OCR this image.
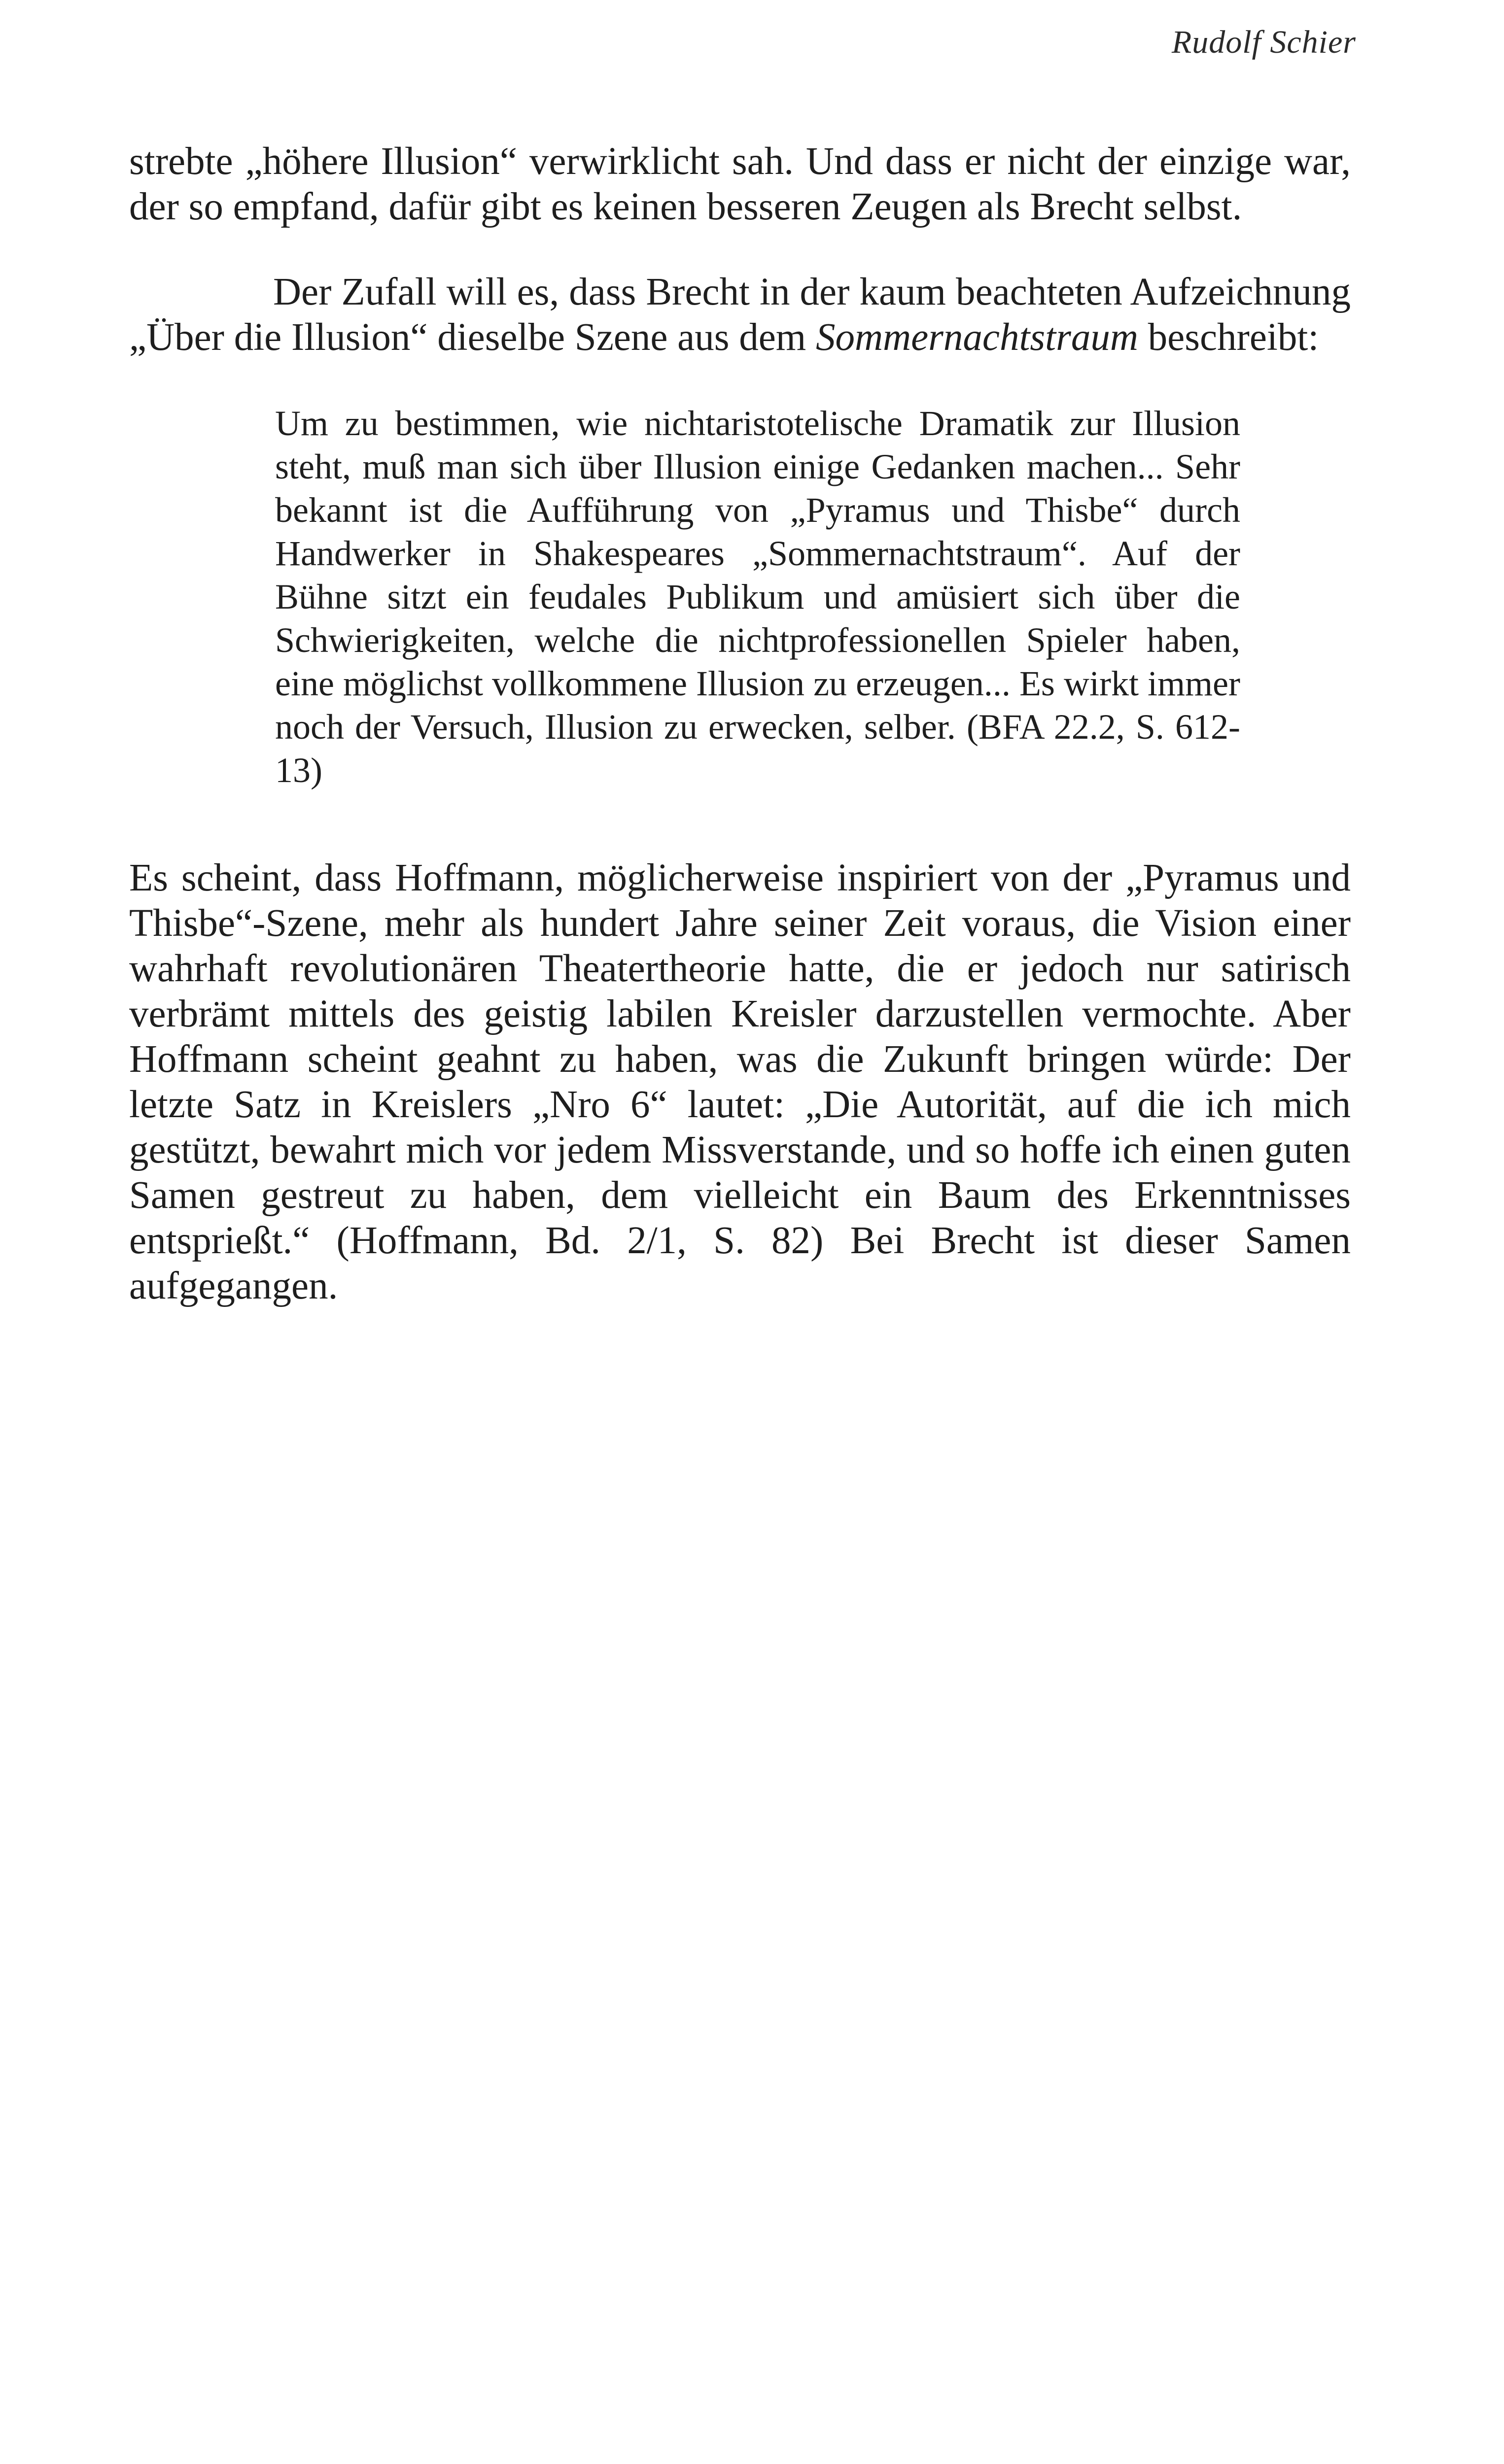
Rudolf Schier

strebte „höhere Illusion“ verwirklicht sah. Und dass er nicht der einzige war, der so empfand, dafür gibt es keinen besseren Zeugen als Brecht selbst.

Der Zufall will es, dass Brecht in der kaum beachteten Aufzeichnung „Über die Illusion“ dieselbe Szene aus dem Sommernachtstraum beschreibt:

Um zu bestimmen, wie nichtaristotelische Dramatik zur Illusion steht, muß man sich über Illusion einige Gedanken machen... Sehr bekannt ist die Aufführung von „Pyramus und Thisbe“ durch Handwerker in Shakespeares „Sommernachtstraum“. Auf der Bühne sitzt ein feudales Publikum und amüsiert sich über die Schwierigkeiten, welche die nichtprofessionellen Spieler haben, eine möglichst vollkommene Illusion zu erzeugen... Es wirkt immer noch der Versuch, Illusion zu erwecken, selber. (BFA 22.2, S. 612-13)

Es scheint, dass Hoffmann, möglicherweise inspiriert von der „Pyramus und Thisbe“-Szene, mehr als hundert Jahre seiner Zeit voraus, die Vision einer wahrhaft revolutionären Theatertheorie hatte, die er jedoch nur satirisch verbrämt mittels des geistig labilen Kreisler darzustellen vermochte. Aber Hoffmann scheint geahnt zu haben, was die Zukunft bringen würde: Der letzte Satz in Kreislers „Nro 6“ lautet: „Die Autorität, auf die ich mich gestützt, bewahrt mich vor jedem Missverstande, und so hoffe ich einen guten Samen gestreut zu haben, dem vielleicht ein Baum des Erkenntnisses entsprießt.“ (Hoffmann, Bd. 2/1, S. 82) Bei Brecht ist dieser Samen aufgegangen.
